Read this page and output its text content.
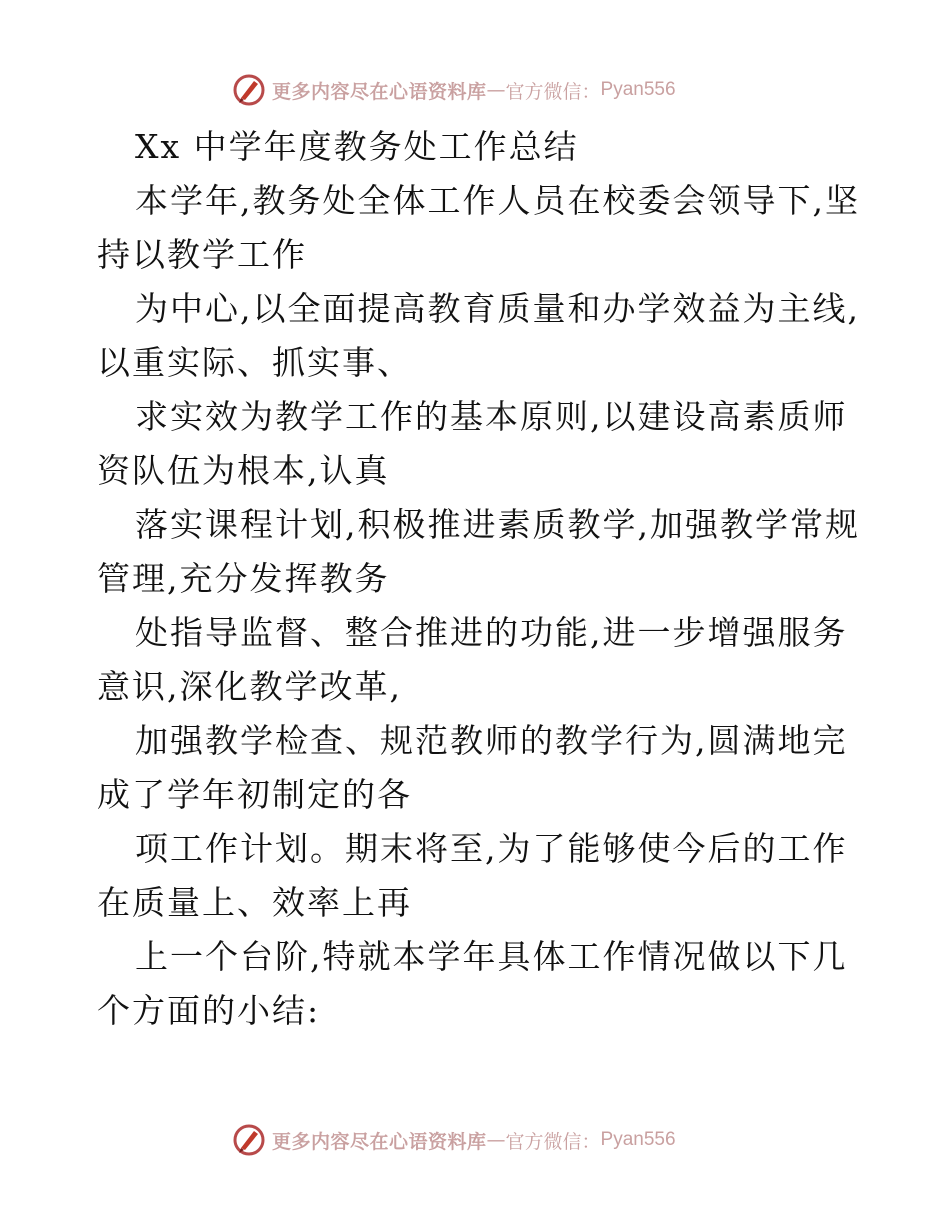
更多内容尽在心语资料库 — 官方微信： Pyan556
Xx 中学年度教务处工作总结
本学年,教务处全体工作人员在校委会领导下,坚
持以教学工作
为中心,以全面提高教育质量和办学效益为主线,
以重实际、抓实事、
求实效为教学工作的基本原则,以建设高素质师
资队伍为根本,认真
落实课程计划,积极推进素质教学,加强教学常规
管理,充分发挥教务
处指导监督、整合推进的功能,进一步增强服务
意识,深化教学改革,
加强教学检查、规范教师的教学行为,圆满地完
成了学年初制定的各
项工作计划。期末将至,为了能够使今后的工作
在质量上、效率上再
上一个台阶,特就本学年具体工作情况做以下几
个方面的小结:
更多内容尽在心语资料库 — 官方微信： Pyan556
